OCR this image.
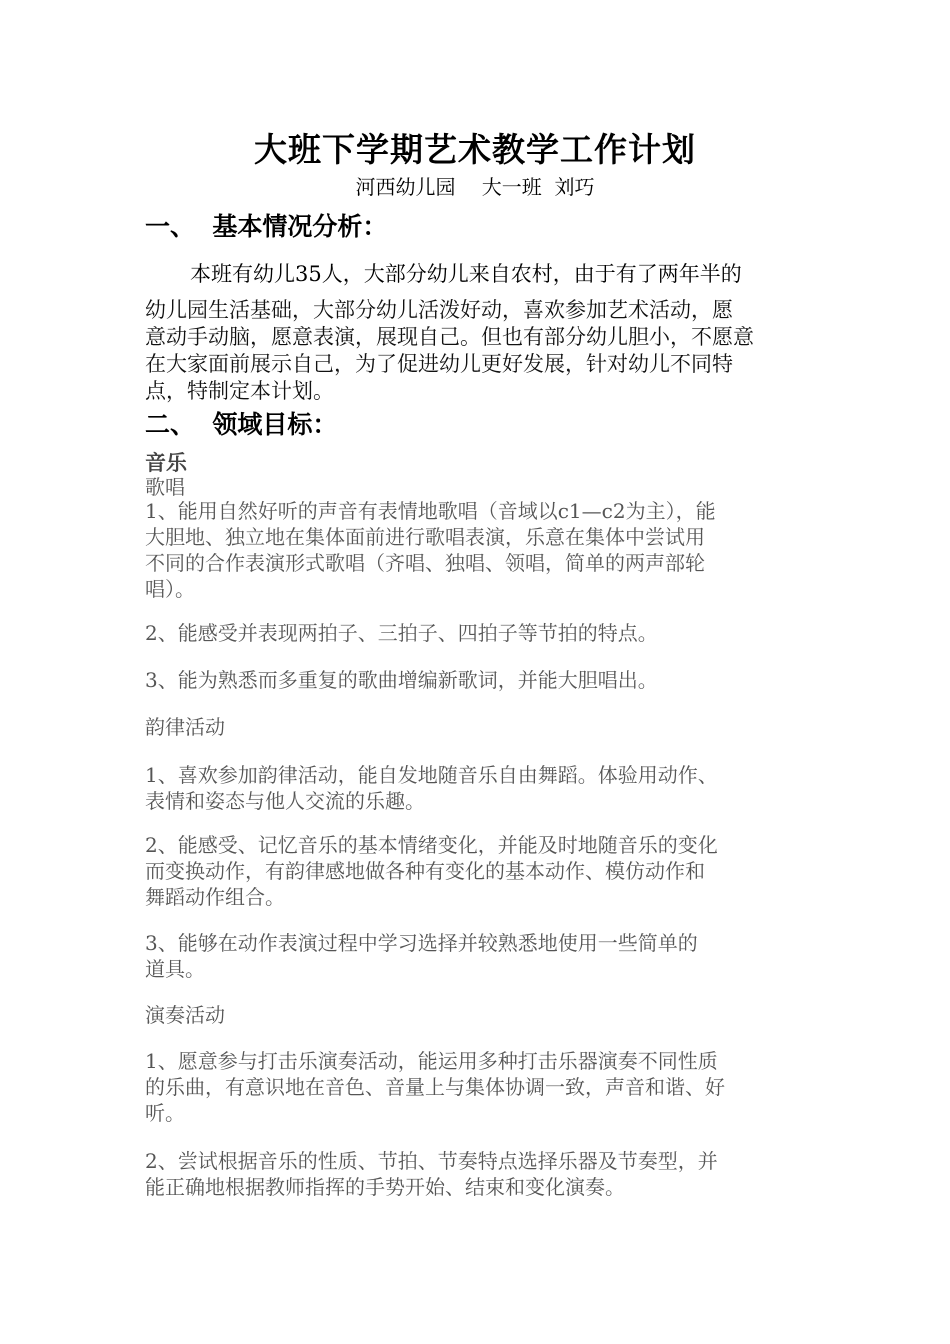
大班下学期艺术教学工作计划
河西幼儿园　 大一班  刘巧
一、  基本情况分析：
本班有幼儿35人，大部分幼儿来自农村，由于有了两年半的
幼儿园生活基础，大部分幼儿活泼好动，喜欢参加艺术活动，愿
意动手动脑，愿意表演，展现自己。但也有部分幼儿胆小，不愿意
在大家面前展示自己，为了促进幼儿更好发展，针对幼儿不同特
点，特制定本计划。
二、  领域目标：
音乐
歌唱
1、能用自然好听的声音有表情地歌唱（音域以c1—c2为主），能
大胆地、独立地在集体面前进行歌唱表演，乐意在集体中尝试用
不同的合作表演形式歌唱（齐唱、独唱、领唱，简单的两声部轮
唱）。
2、能感受并表现两拍子、三拍子、四拍子等节拍的特点。
3、能为熟悉而多重复的歌曲增编新歌词，并能大胆唱出。
韵律活动
1、喜欢参加韵律活动，能自发地随音乐自由舞蹈。体验用动作、
表情和姿态与他人交流的乐趣。
2、能感受、记忆音乐的基本情绪变化，并能及时地随音乐的变化
而变换动作，有韵律感地做各种有变化的基本动作、模仿动作和
舞蹈动作组合。
3、能够在动作表演过程中学习选择并较熟悉地使用一些简单的
道具。
演奏活动
1、愿意参与打击乐演奏活动，能运用多种打击乐器演奏不同性质
的乐曲，有意识地在音色、音量上与集体协调一致，声音和谐、好
听。
2、尝试根据音乐的性质、节拍、节奏特点选择乐器及节奏型，并
能正确地根据教师指挥的手势开始、结束和变化演奏。
